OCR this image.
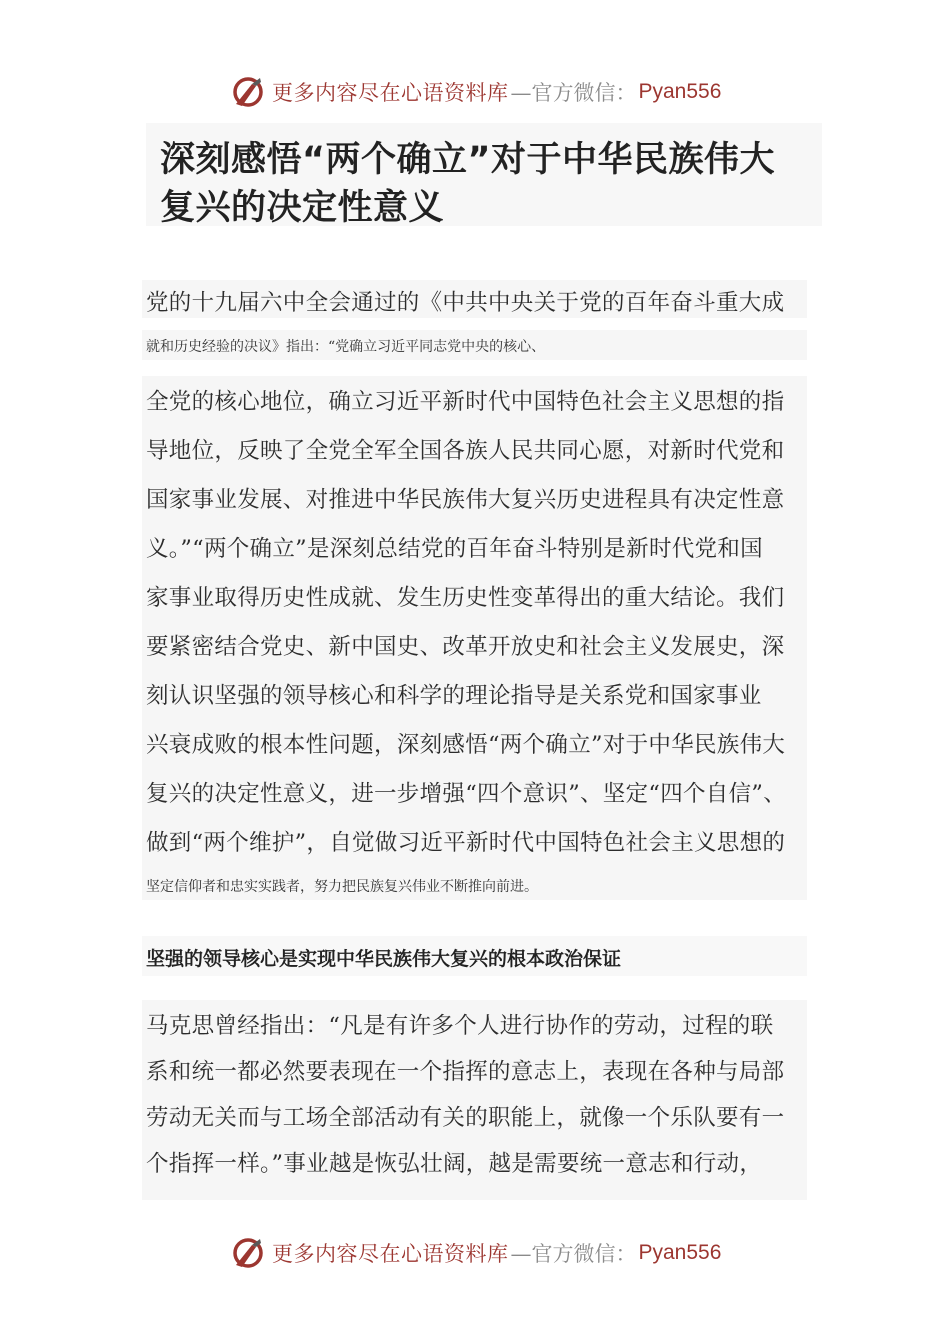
更多内容尽在心语资料库 —官方微信： Pyan556
深刻感悟“两个确立”对于中华民族伟大
复兴的决定性意义
党的十九届六中全会通过的《中共中央关于党的百年奋斗重大成
就和历史经验的决议》指出：“党确立习近平同志党中央的核心、
全党的核心地位，确立习近平新时代中国特色社会主义思想的指
导地位，反映了全党全军全国各族人民共同心愿，对新时代党和
国家事业发展、对推进中华民族伟大复兴历史进程具有决定性意
义。”“两个确立”是深刻总结党的百年奋斗特别是新时代党和国
家事业取得历史性成就、发生历史性变革得出的重大结论。我们
要紧密结合党史、新中国史、改革开放史和社会主义发展史，深
刻认识坚强的领导核心和科学的理论指导是关系党和国家事业
兴衰成败的根本性问题，深刻感悟“两个确立”对于中华民族伟大
复兴的决定性意义，进一步增强“四个意识”、坚定“四个自信”、
做到“两个维护”，自觉做习近平新时代中国特色社会主义思想的
坚定信仰者和忠实实践者，努力把民族复兴伟业不断推向前进。
坚强的领导核心是实现中华民族伟大复兴的根本政治保证
马克思曾经指出：“凡是有许多个人进行协作的劳动，过程的联
系和统一都必然要表现在一个指挥的意志上，表现在各种与局部
劳动无关而与工场全部活动有关的职能上，就像一个乐队要有一
个指挥一样。”事业越是恢弘壮阔，越是需要统一意志和行动，
更多内容尽在心语资料库 —官方微信： Pyan556
